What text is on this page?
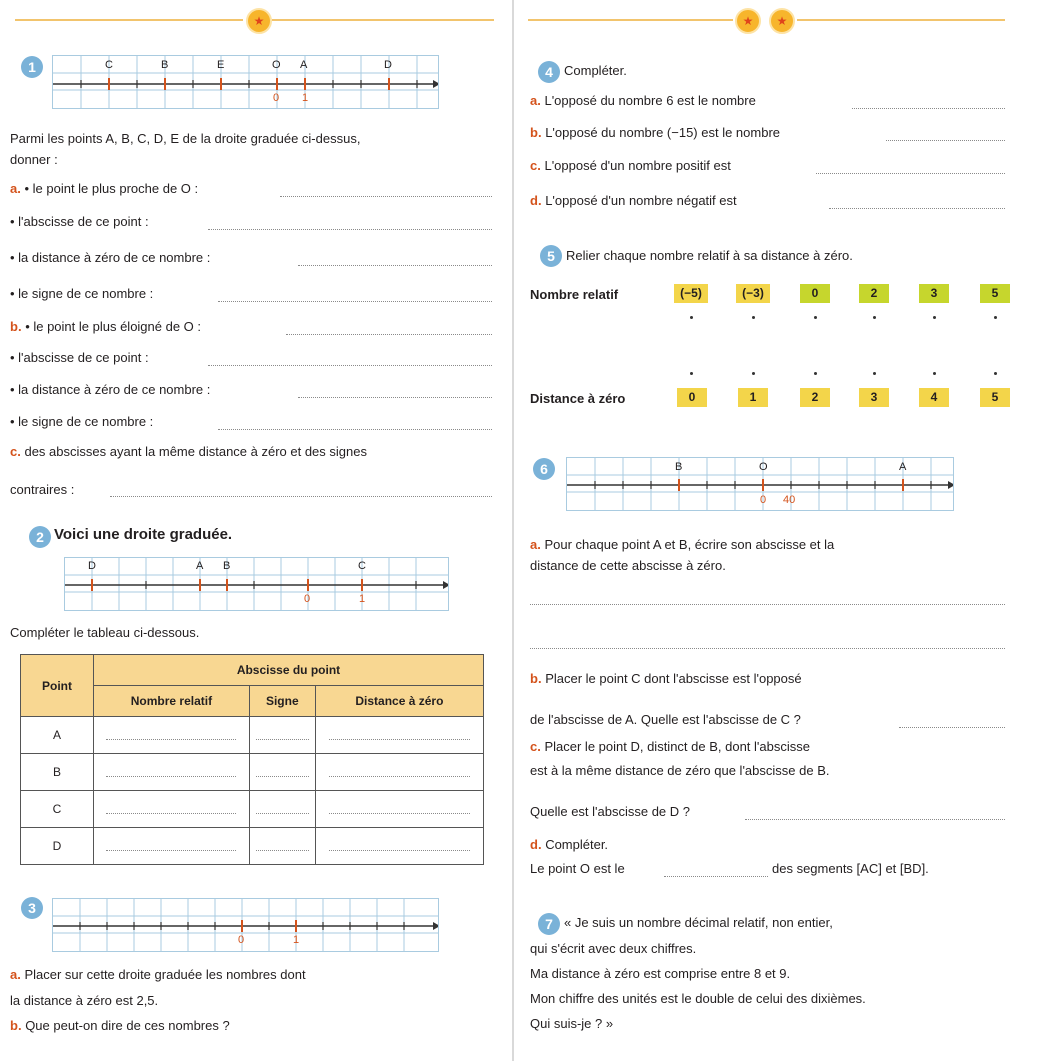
★	★	★
1	C	B	E	O A	D
0 1
Parmi les points A, B, C, D, E de la droite graduée ci-dessus,
donner :
a. • le point le plus proche de O :
• l'abscisse de ce point :
• la distance à zéro de ce nombre :
• le signe de ce nombre :
b. • le point le plus éloigné de O :
• l'abscisse de ce point :
• la distance à zéro de ce nombre :
• le signe de ce nombre :
c. des abscisses ayant la même distance à zéro et des signes
contraires :
2 Voici une droite graduée.
D	A B	C
0	1
Compléter le tableau ci-dessous.
Point	Abscisse du point		
	Nombre relatif	Signe	Distance à zéro
A			
B			
C			
D			
3
0	1
a. Placer sur cette droite graduée les nombres dont
la distance à zéro est 2,5.
b. Que peut-on dire de ces nombres ?
4 Compléter.
a. L'opposé du nombre 6 est le nombre
b. L'opposé du nombre (−15) est le nombre
c. L'opposé d'un nombre positif est
d. L'opposé d'un nombre négatif est
5 Relier chaque nombre relatif à sa distance à zéro.
Nombre relatif	(−5)	(−3)	0	2	3	5
Distance à zéro	0	1	2	3	4	5
6	B	O	A
0 40
a. Pour chaque point A et B, écrire son abscisse et la
distance de cette abscisse à zéro.
b. Placer le point C dont l'abscisse est l'opposé
de l'abscisse de A. Quelle est l'abscisse de C ?
c. Placer le point D, distinct de B, dont l'abscisse
est à la même distance de zéro que l'abscisse de B.
Quelle est l'abscisse de D ?
d. Compléter.
Le point O est le	des segments [AC] et [BD].
7 « Je suis un nombre décimal relatif, non entier,
qui s'écrit avec deux chiffres.
Ma distance à zéro est comprise entre 8 et 9.
Mon chiffre des unités est le double de celui des dixièmes.
Qui suis-je ? »
